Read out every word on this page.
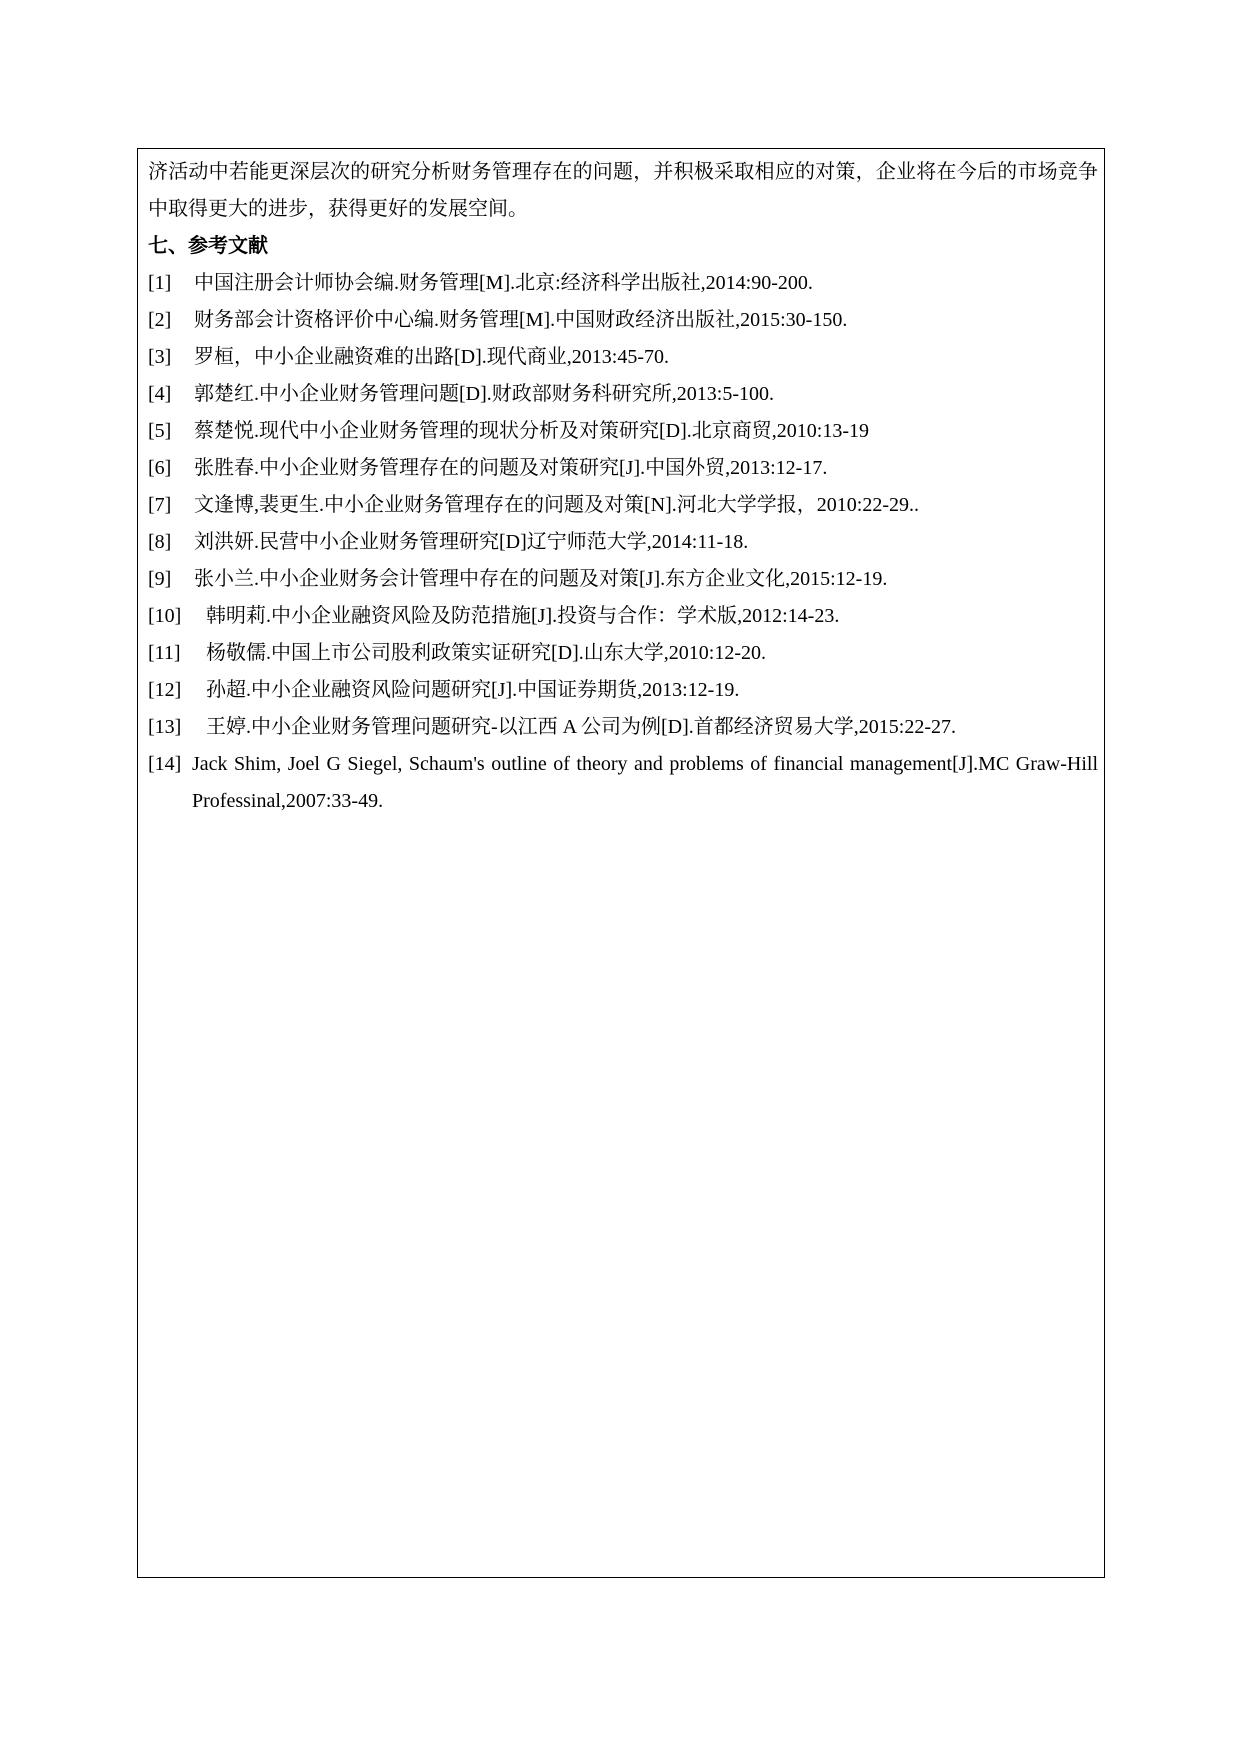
济活动中若能更深层次的研究分析财务管理存在的问题，并积极采取相应的对策，企业将在今后的市场竞争中取得更大的进步，获得更好的发展空间。

七、参考文献

[1] 中国注册会计师协会编.财务管理[M].北京:经济科学出版社,2014:90-200.
[2] 财务部会计资格评价中心编.财务管理[M].中国财政经济出版社,2015:30-150.
[3] 罗桓，中小企业融资难的出路[D].现代商业,2013:45-70.
[4] 郭楚红.中小企业财务管理问题[D].财政部财务科研究所,2013:5-100.
[5] 蔡楚悦.现代中小企业财务管理的现状分析及对策研究[D].北京商贸,2010:13-19
[6] 张胜春.中小企业财务管理存在的问题及对策研究[J].中国外贸,2013:12-17.
[7] 文逢博,裴更生.中小企业财务管理存在的问题及对策[N].河北大学学报，2010:22-29..
[8] 刘洪妍.民营中小企业财务管理研究[D]辽宁师范大学,2014:11-18.
[9] 张小兰.中小企业财务会计管理中存在的问题及对策[J].东方企业文化,2015:12-19.
[10] 韩明莉.中小企业融资风险及防范措施[J].投资与合作：学术版,2012:14-23.
[11] 杨敬儒.中国上市公司股利政策实证研究[D].山东大学,2010:12-20.
[12] 孙超.中小企业融资风险问题研究[J].中国证券期货,2013:12-19.
[13] 王婷.中小企业财务管理问题研究-以江西 A 公司为例[D].首都经济贸易大学,2015:22-27.
[14] Jack Shim, Joel G Siegel, Schaum's outline of theory and problems of financial management[J].MC Graw-Hill Professinal,2007:33-49.
